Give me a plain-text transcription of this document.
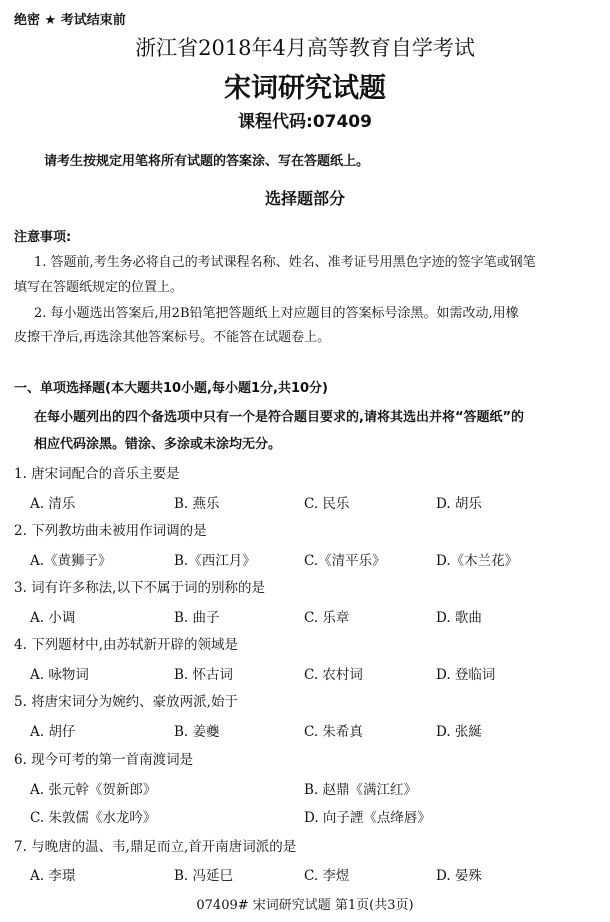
绝密 ★ 考试结束前
浙江省2018年4月高等教育自学考试
宋词研究试题
课程代码:07409
请考生按规定用笔将所有试题的答案涂、写在答题纸上。
选择题部分
注意事项:
1. 答题前,考生务必将自己的考试课程名称、姓名、准考证号用黑色字迹的签字笔或钢笔
填写在答题纸规定的位置上。
2. 每小题选出答案后,用2B铅笔把答题纸上对应题目的答案标号涂黑。如需改动,用橡
皮擦干净后,再选涂其他答案标号。不能答在试题卷上。
一、单项选择题(本大题共10小题,每小题1分,共10分)
在每小题列出的四个备选项中只有一个是符合题目要求的,请将其选出并将“答题纸”的
相应代码涂黑。错涂、多涂或未涂均无分。
1. 唐宋词配合的音乐主要是
A. 清乐	B. 燕乐	C. 民乐	D. 胡乐
2. 下列教坊曲未被用作词调的是
A.《黄狮子》	B.《西江月》	C.《清平乐》	D.《木兰花》
3. 词有许多称法,以下不属于词的别称的是
A. 小调	B. 曲子	C. 乐章	D. 歌曲
4. 下列题材中,由苏轼新开辟的领域是
A. 咏物词	B. 怀古词	C. 农村词	D. 登临词
5. 将唐宋词分为婉约、豪放两派,始于
A. 胡仔	B. 姜夔	C. 朱希真	D. 张綖
6. 现今可考的第一首南渡词是
A. 张元幹《贺新郎》	B. 赵鼎《满江红》
C. 朱敦儒《水龙吟》	D. 向子諲《点绛唇》
7. 与晚唐的温、韦,鼎足而立,首开南唐词派的是
A. 李璟	B. 冯延巳	C. 李煜	D. 晏殊
07409# 宋词研究试题 第1页(共3页)
